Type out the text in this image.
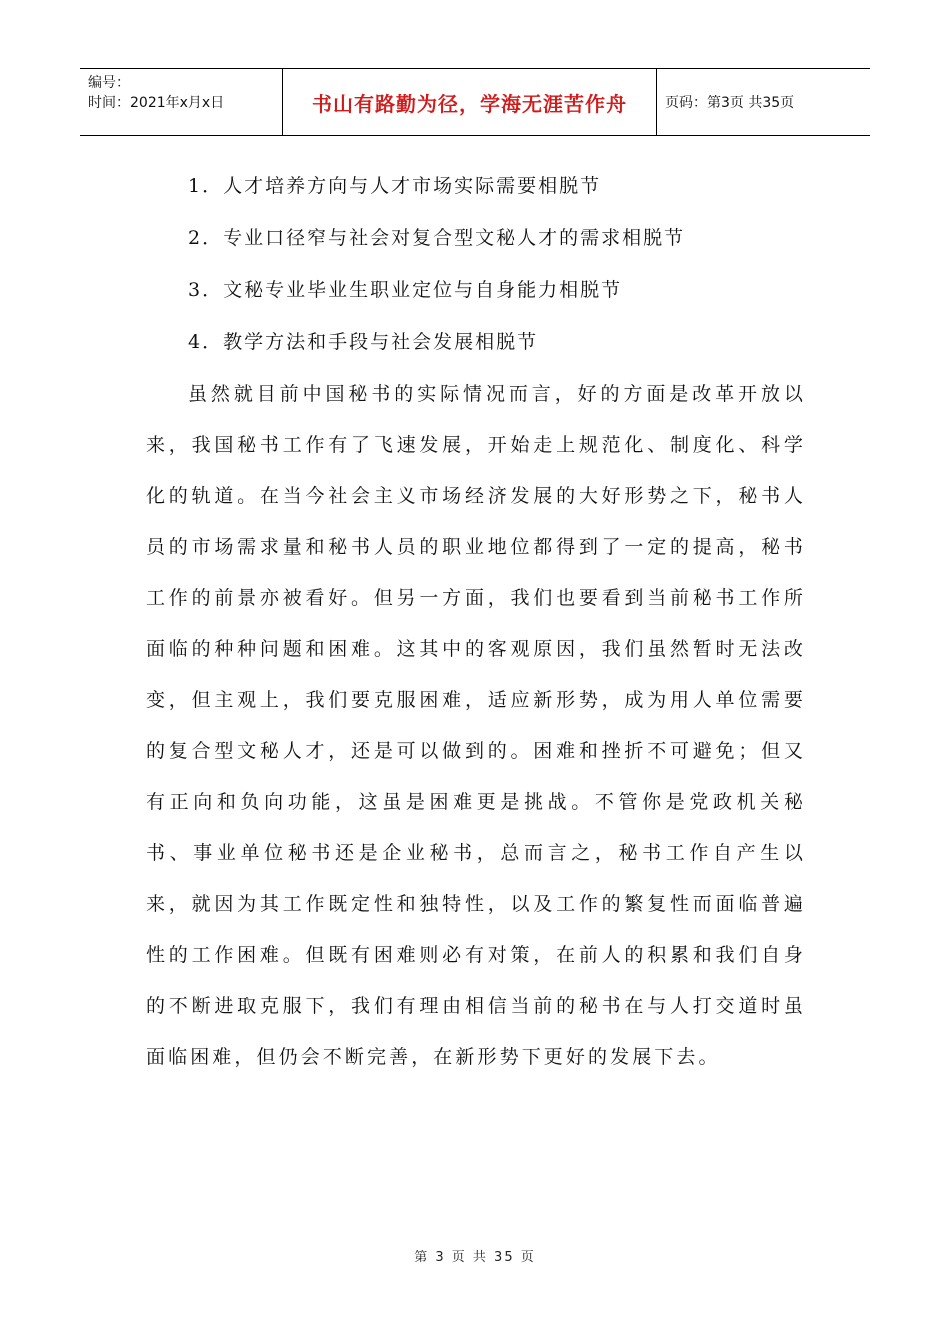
编号：
时间：2021年x月x日	书山有路勤为径，学海无涯苦作舟	页码：第3页 共35页
1．人才培养方向与人才市场实际需要相脱节
2．专业口径窄与社会对复合型文秘人才的需求相脱节
3．文秘专业毕业生职业定位与自身能力相脱节
4．教学方法和手段与社会发展相脱节
虽然就目前中国秘书的实际情况而言，好的方面是改革开放以来，我国秘书工作有了飞速发展，开始走上规范化、制度化、科学化的轨道。在当今社会主义市场经济发展的大好形势之下，秘书人员的市场需求量和秘书人员的职业地位都得到了一定的提高，秘书工作的前景亦被看好。但另一方面，我们也要看到当前秘书工作所面临的种种问题和困难。这其中的客观原因，我们虽然暂时无法改变，但主观上，我们要克服困难，适应新形势，成为用人单位需要的复合型文秘人才，还是可以做到的。困难和挫折不可避免；但又有正向和负向功能，这虽是困难更是挑战。不管你是党政机关秘书、事业单位秘书还是企业秘书，总而言之，秘书工作自产生以来，就因为其工作既定性和独特性，以及工作的繁复性而面临普遍性的工作困难。但既有困难则必有对策，在前人的积累和我们自身的不断进取克服下，我们有理由相信当前的秘书在与人打交道时虽面临困难，但仍会不断完善，在新形势下更好的发展下去。
第 3 页 共 35 页
